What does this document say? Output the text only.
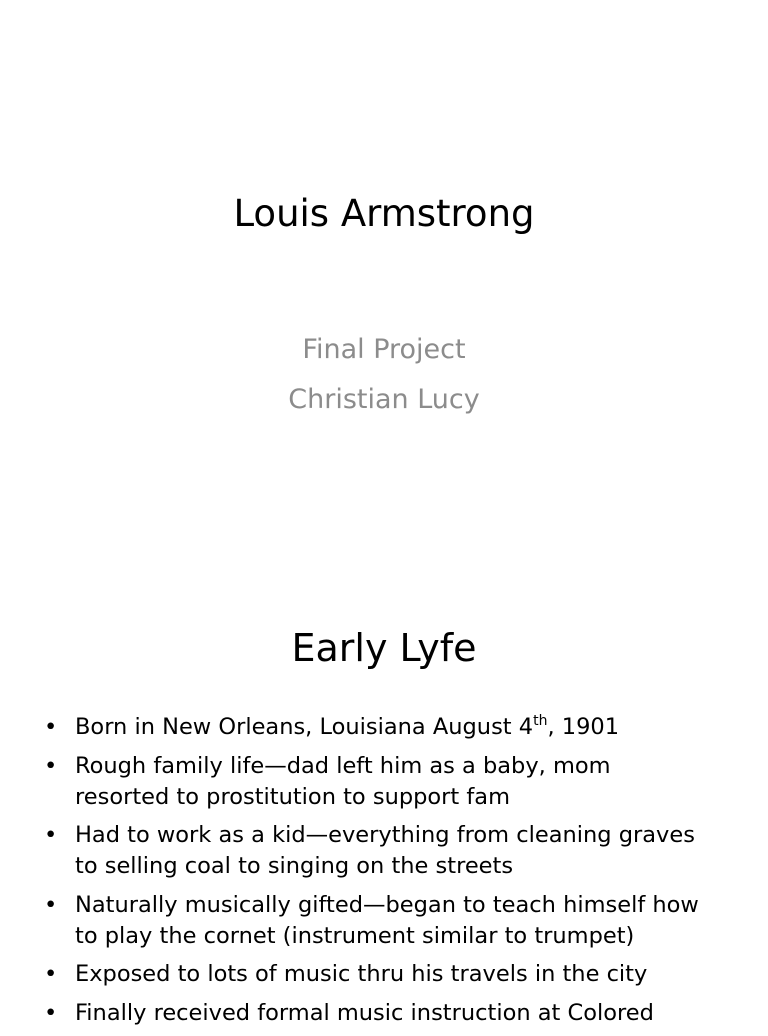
Louis Armstrong
Final Project
Christian Lucy
Early Lyfe
• Born in New Orleans, Louisiana August 4th, 1901
• Rough family life—dad left him as a baby, mom
resorted to prostitution to support fam
• Had to work as a kid—everything from cleaning graves
to selling coal to singing on the streets
• Naturally musically gifted—began to teach himself how
to play the cornet (instrument similar to trumpet)
• Exposed to lots of music thru his travels in the city
• Finally received formal music instruction at Colored
